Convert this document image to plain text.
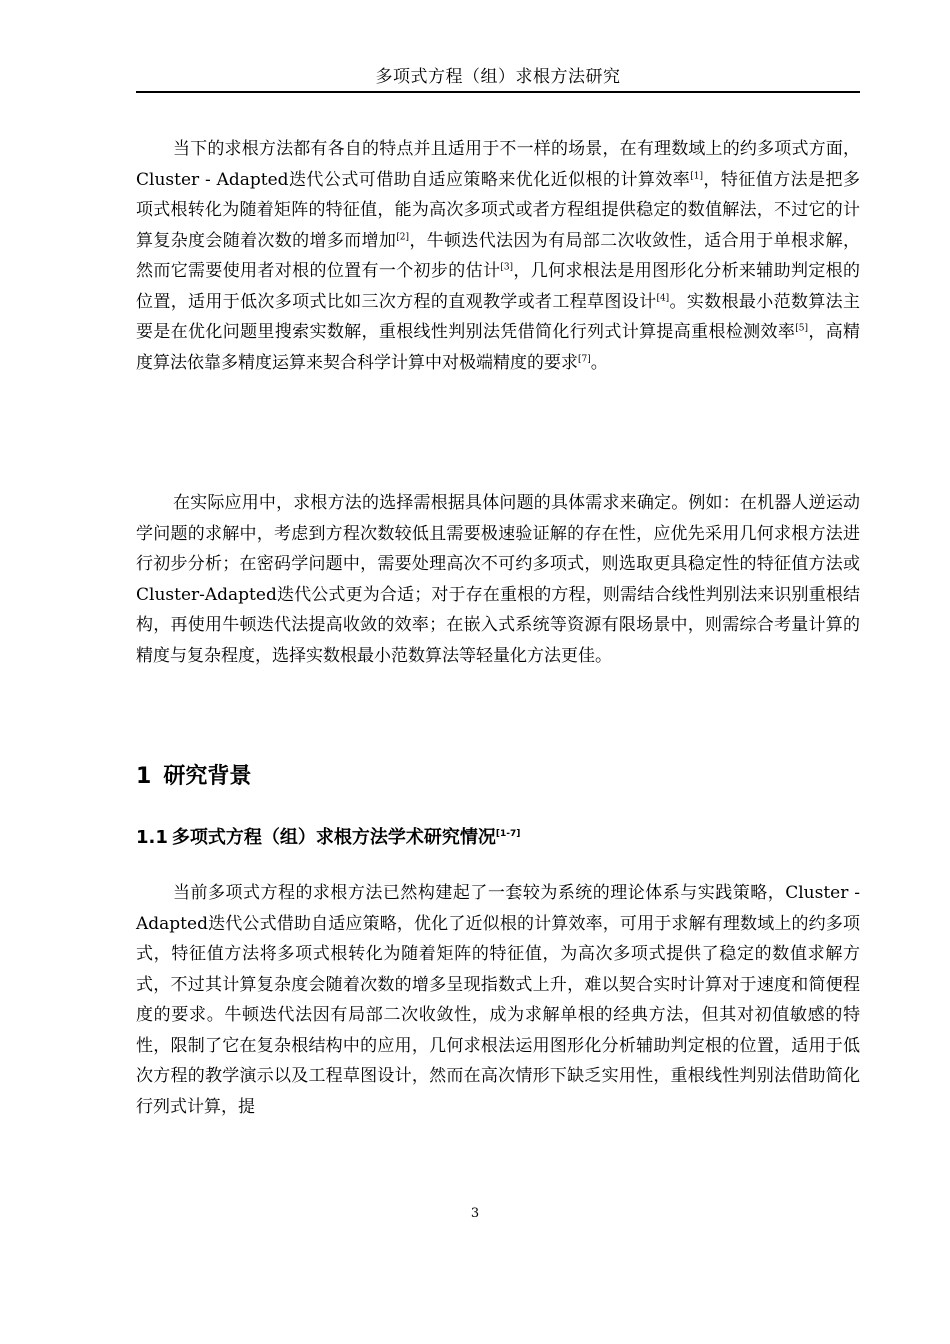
多项式方程（组）求根方法研究

当下的求根方法都有各自的特点并且适用于不一样的场景，在有理数域上的约多项式方面，Cluster - Adapted迭代公式可借助自适应策略来优化近似根的计算效率[1]，特征值方法是把多项式根转化为随着矩阵的特征值，能为高次多项式或者方程组提供稳定的数值解法，不过它的计算复杂度会随着次数的增多而增加[2]，牛顿迭代法因为有局部二次收敛性，适合用于单根求解，然而它需要使用者对根的位置有一个初步的估计[3]，几何求根法是用图形化分析来辅助判定根的位置，适用于低次多项式比如三次方程的直观教学或者工程草图设计[4]。实数根最小范数算法主要是在优化问题里搜索实数解，重根线性判别法凭借简化行列式计算提高重根检测效率[5]，高精度算法依靠多精度运算来契合科学计算中对极端精度的要求[7]。

在实际应用中，求根方法的选择需根据具体问题的具体需求来确定。例如：在机器人逆运动学问题的求解中，考虑到方程次数较低且需要极速验证解的存在性，应优先采用几何求根方法进行初步分析；在密码学问题中，需要处理高次不可约多项式，则选取更具稳定性的特征值方法或Cluster-Adapted迭代公式更为合适；对于存在重根的方程，则需结合线性判别法来识别重根结构，再使用牛顿迭代法提高收敛的效率；在嵌入式系统等资源有限场景中，则需综合考量计算的精度与复杂程度，选择实数根最小范数算法等轻量化方法更佳。

1 研究背景
1.1 多项式方程（组）求根方法学术研究情况[1-7]

当前多项式方程的求根方法已然构建起了一套较为系统的理论体系与实践策略，Cluster - Adapted迭代公式借助自适应策略，优化了近似根的计算效率，可用于求解有理数域上的约多项式，特征值方法将多项式根转化为随着矩阵的特征值，为高次多项式提供了稳定的数值求解方式，不过其计算复杂度会随着次数的增多呈现指数式上升，难以契合实时计算对于速度和简便程度的要求。牛顿迭代法因有局部二次收敛性，成为求解单根的经典方法，但其对初值敏感的特性，限制了它在复杂根结构中的应用，几何求根法运用图形化分析辅助判定根的位置，适用于低次方程的教学演示以及工程草图设计，然而在高次情形下缺乏实用性，重根线性判别法借助简化行列式计算，提

3
